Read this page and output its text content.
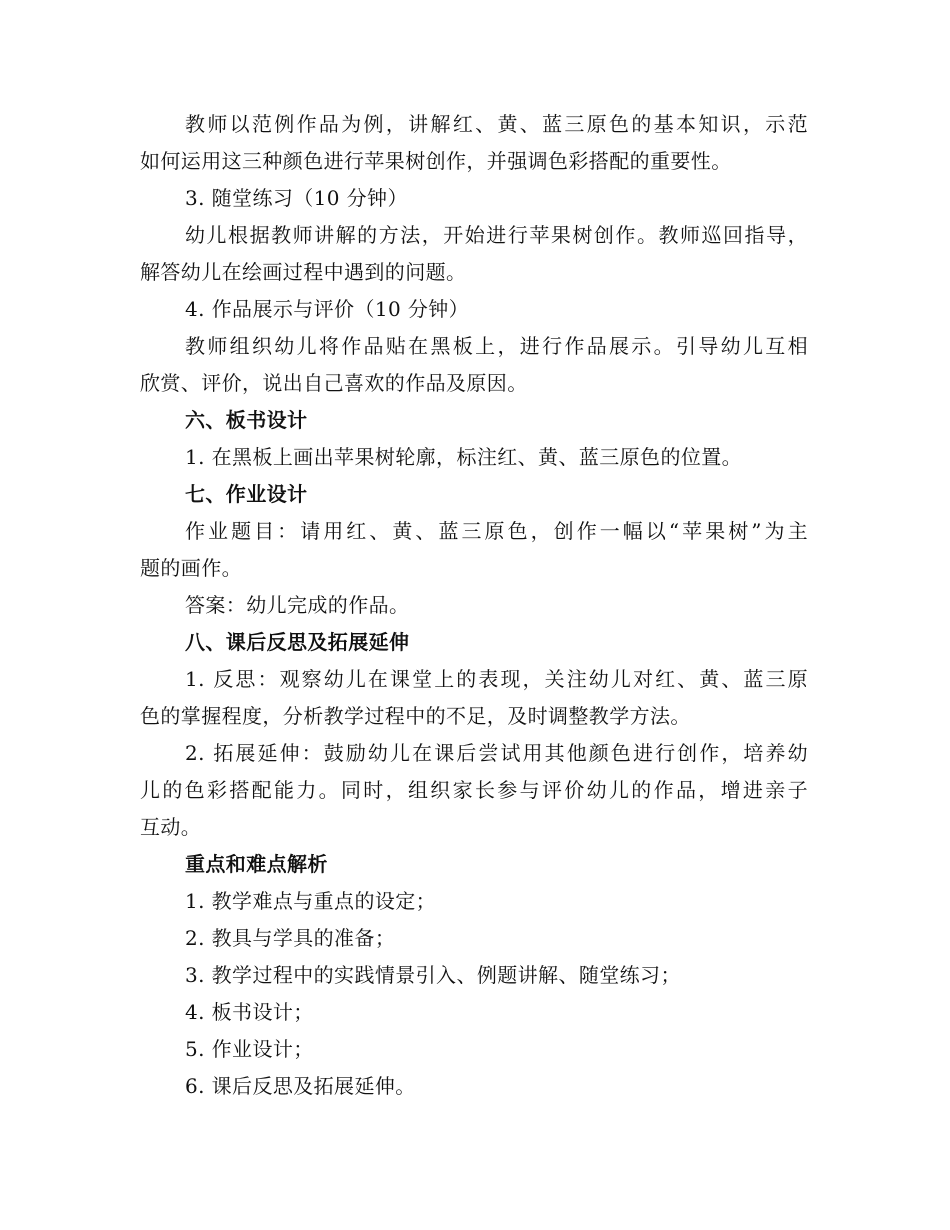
教师以范例作品为例，讲解红、黄、蓝三原色的基本知识，示范
如何运用这三种颜色进行苹果树创作，并强调色彩搭配的重要性。
3. 随堂练习（10 分钟）
幼儿根据教师讲解的方法，开始进行苹果树创作。教师巡回指导，
解答幼儿在绘画过程中遇到的问题。
4. 作品展示与评价（10 分钟）
教师组织幼儿将作品贴在黑板上，进行作品展示。引导幼儿互相
欣赏、评价，说出自己喜欢的作品及原因。
六、板书设计
1. 在黑板上画出苹果树轮廓，标注红、黄、蓝三原色的位置。
七、作业设计
作业题目：请用红、黄、蓝三原色，创作一幅以“苹果树”为主
题的画作。
答案：幼儿完成的作品。
八、课后反思及拓展延伸
1. 反思：观察幼儿在课堂上的表现，关注幼儿对红、黄、蓝三原
色的掌握程度，分析教学过程中的不足，及时调整教学方法。
2. 拓展延伸：鼓励幼儿在课后尝试用其他颜色进行创作，培养幼
儿的色彩搭配能力。同时，组织家长参与评价幼儿的作品，增进亲子
互动。
重点和难点解析
1. 教学难点与重点的设定；
2. 教具与学具的准备；
3. 教学过程中的实践情景引入、例题讲解、随堂练习；
4. 板书设计；
5. 作业设计；
6. 课后反思及拓展延伸。
